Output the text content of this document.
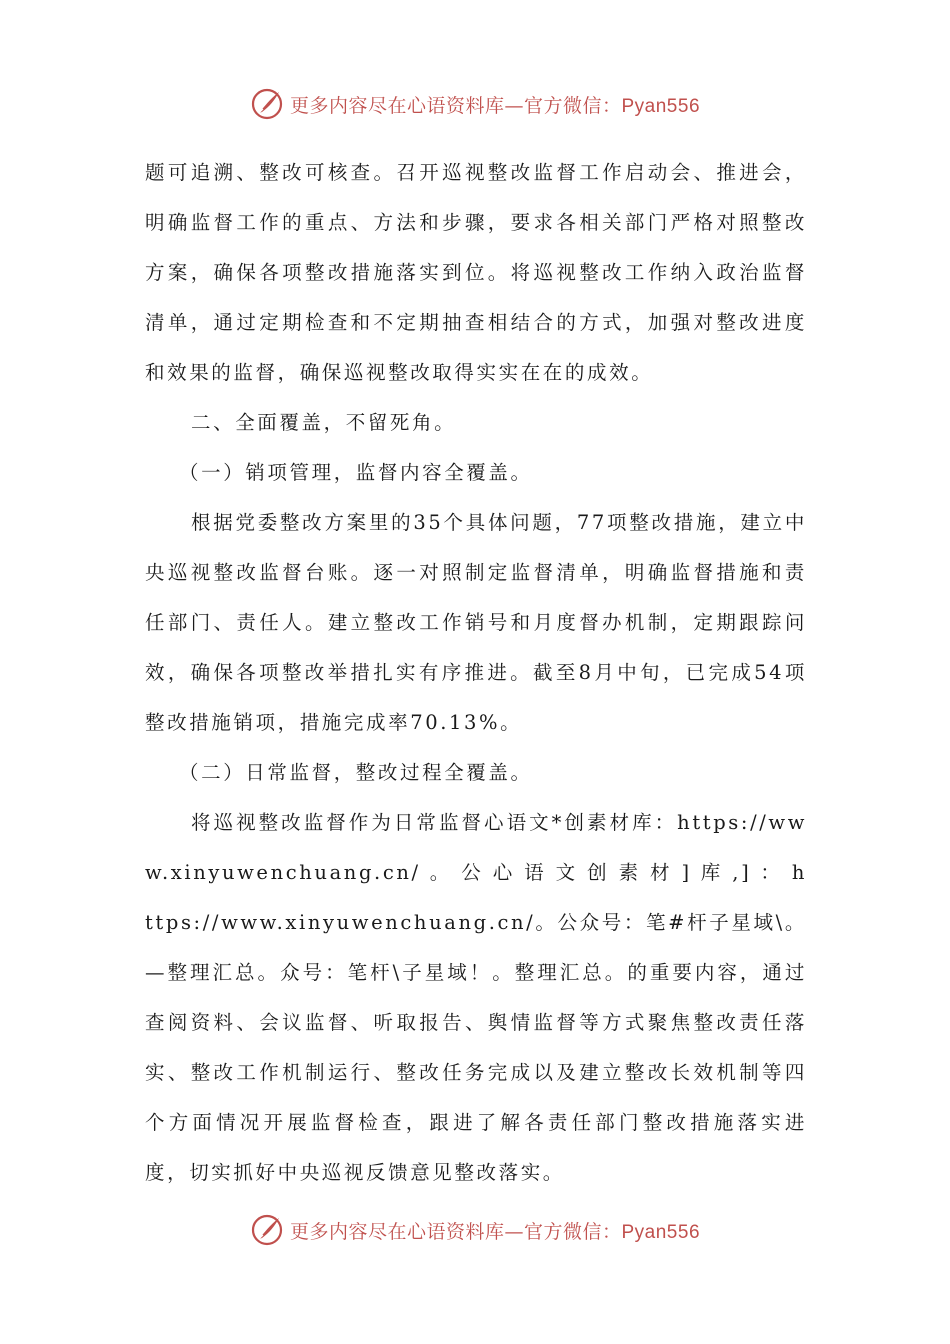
更多内容尽在心语资料库—官方微信：Pyan556

题可追溯、整改可核查。召开巡视整改监督工作启动会、推进会，明确监督工作的重点、方法和步骤，要求各相关部门严格对照整改方案，确保各项整改措施落实到位。将巡视整改工作纳入政治监督清单，通过定期检查和不定期抽查相结合的方式，加强对整改进度和效果的监督，确保巡视整改取得实实在在的成效。

二、全面覆盖，不留死角。

（一）销项管理，监督内容全覆盖。

根据党委整改方案里的35个具体问题，77项整改措施，建立中央巡视整改监督台账。逐一对照制定监督清单，明确监督措施和责任部门、责任人。建立整改工作销号和月度督办机制，定期跟踪问效，确保各项整改举措扎实有序推进。截至8月中旬，已完成54项整改措施销项，措施完成率70.13%。

（二）日常监督，整改过程全覆盖。

将巡视整改监督作为日常监督心语文*创素材库：https://www.xinyuwenchuang.cn/ 。 公 心 语 文 创 素 材 ] 库 ,] ： https://www.xinyuwenchuang.cn/。公众号：笔#杆子星域\。—整理汇总。众号：笔杆\子星域！。整理汇总。的重要内容，通过查阅资料、会议监督、听取报告、舆情监督等方式聚焦整改责任落实、整改工作机制运行、整改任务完成以及建立整改长效机制等四个方面情况开展监督检查，跟进了解各责任部门整改措施落实进度，切实抓好中央巡视反馈意见整改落实。

更多内容尽在心语资料库—官方微信：Pyan556
